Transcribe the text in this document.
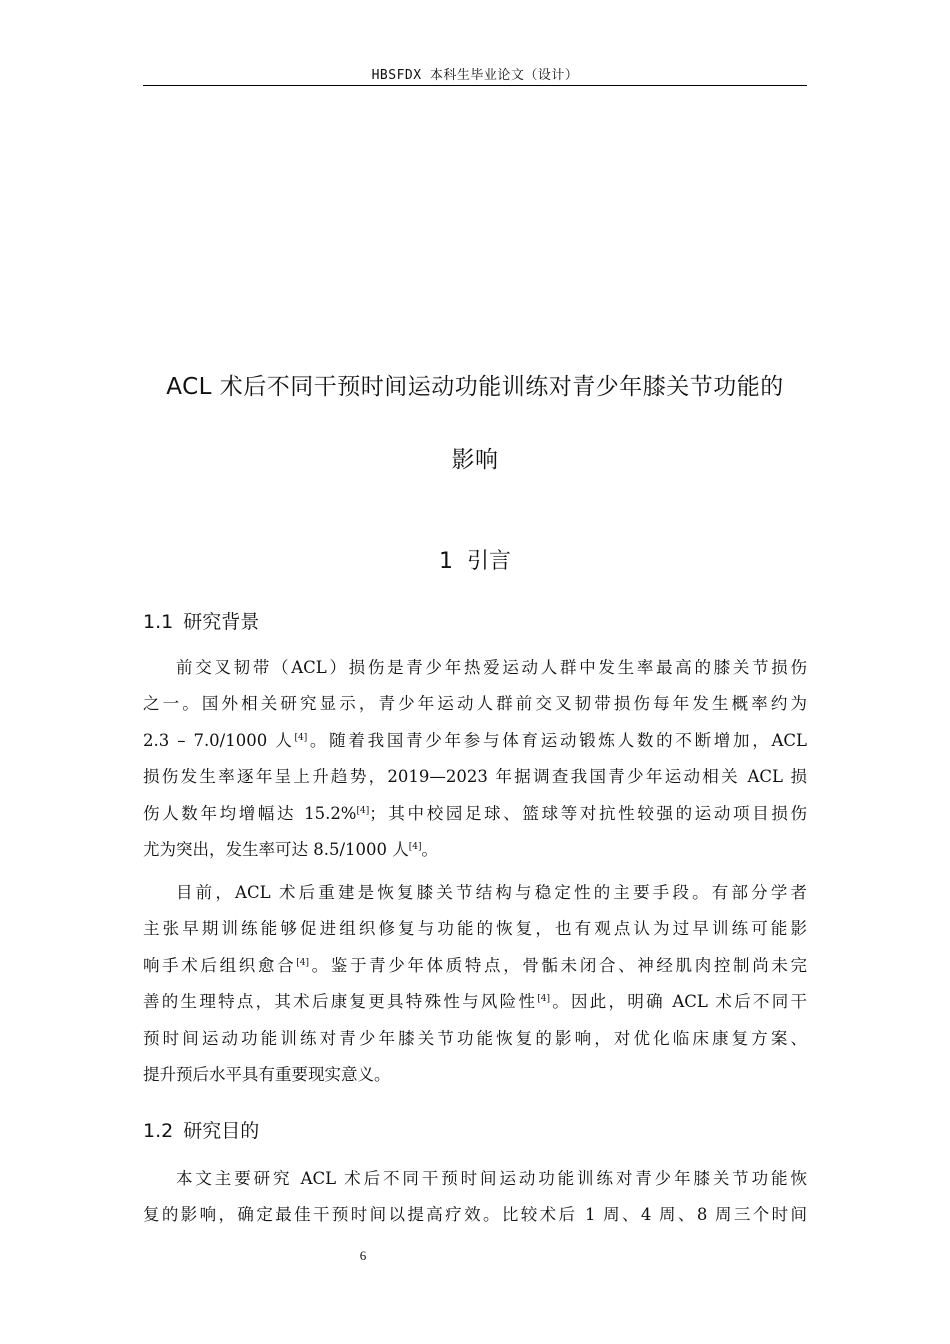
HBSFDX 本科生毕业论文（设计）
ACL 术后不同干预时间运动功能训练对青少年膝关节功能的
影响
1 引言
1.1 研究背景
前交叉韧带（ACL）损伤是青少年热爱运动人群中发生率最高的膝关节损伤
之一。国外相关研究显示，青少年运动人群前交叉韧带损伤每年发生概率约为
2.3 – 7.0/1000 人[4]。随着我国青少年参与体育运动锻炼人数的不断增加，ACL
损伤发生率逐年呈上升趋势，2019—2023 年据调查我国青少年运动相关 ACL 损
伤人数年均增幅达 15.2%[4]；其中校园足球、篮球等对抗性较强的运动项目损伤
尤为突出，发生率可达 8.5/1000 人[4]。
目前，ACL 术后重建是恢复膝关节结构与稳定性的主要手段。有部分学者
主张早期训练能够促进组织修复与功能的恢复，也有观点认为过早训练可能影
响手术后组织愈合[4]。鉴于青少年体质特点，骨骺未闭合、神经肌肉控制尚未完
善的生理特点，其术后康复更具特殊性与风险性[4]。因此，明确 ACL 术后不同干
预时间运动功能训练对青少年膝关节功能恢复的影响，对优化临床康复方案、
提升预后水平具有重要现实意义。
1.2 研究目的
本文主要研究 ACL 术后不同干预时间运动功能训练对青少年膝关节功能恢
复的影响，确定最佳干预时间以提高疗效。比较术后 1 周、4 周、8 周三个时间
6
